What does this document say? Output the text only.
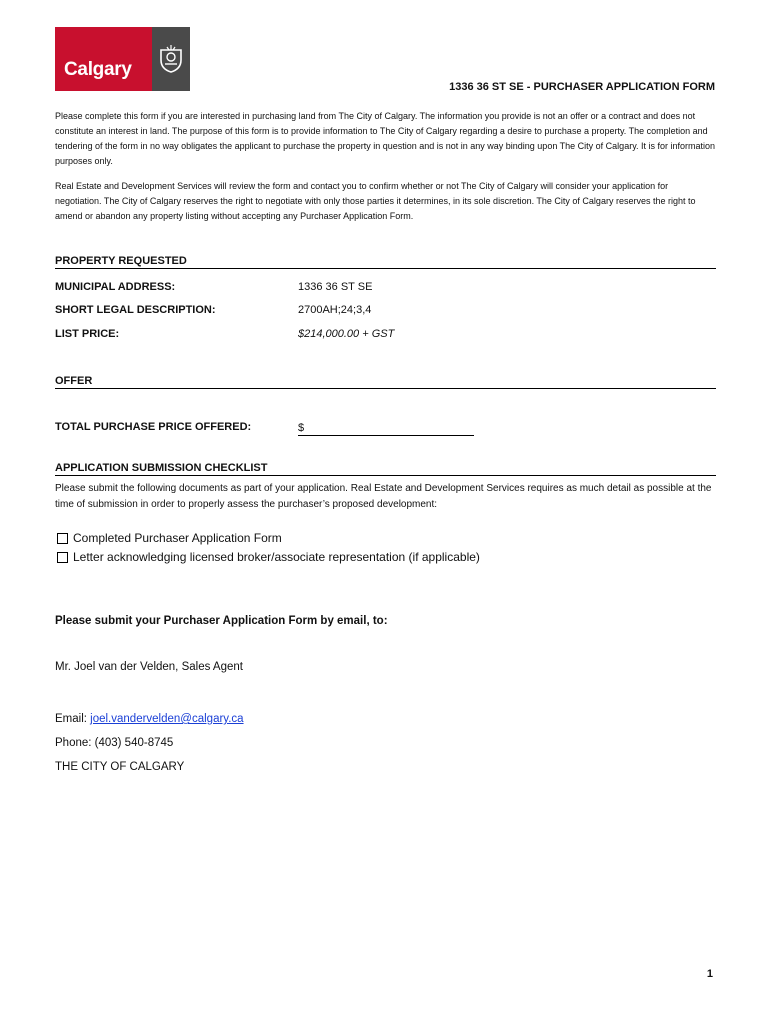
Calgary
1336 36 ST SE - PURCHASER APPLICATION FORM
Please complete this form if you are interested in purchasing land from The City of Calgary. The information you provide is not an offer or a contract and does not constitute an interest in land. The purpose of this form is to provide information to The City of Calgary regarding a desire to purchase a property. The completion and tendering of the form in no way obligates the applicant to purchase the property in question and is not in any way binding upon The City of Calgary. It is for information purposes only.
Real Estate and Development Services will review the form and contact you to confirm whether or not The City of Calgary will consider your application for negotiation. The City of Calgary reserves the right to negotiate with only those parties it determines, in its sole discretion. The City of Calgary reserves the right to amend or abandon any property listing without accepting any Purchaser Application Form.
PROPERTY REQUESTED
MUNICIPAL ADDRESS:	1336 36 ST SE
SHORT LEGAL DESCRIPTION:	2700AH;24;3,4
LIST PRICE:	$214,000.00 + GST
OFFER
TOTAL PURCHASE PRICE OFFERED:	$
APPLICATION SUBMISSION CHECKLIST
Please submit the following documents as part of your application. Real Estate and Development Services requires as much detail as possible at the time of submission in order to properly assess the purchaser’s proposed development:
Completed Purchaser Application Form
Letter acknowledging licensed broker/associate representation (if applicable)
Please submit your Purchaser Application Form by email, to:
Mr. Joel van der Velden, Sales Agent
Email: joel.vandervelden@calgary.ca
Phone: (403) 540-8745
THE CITY OF CALGARY
1
